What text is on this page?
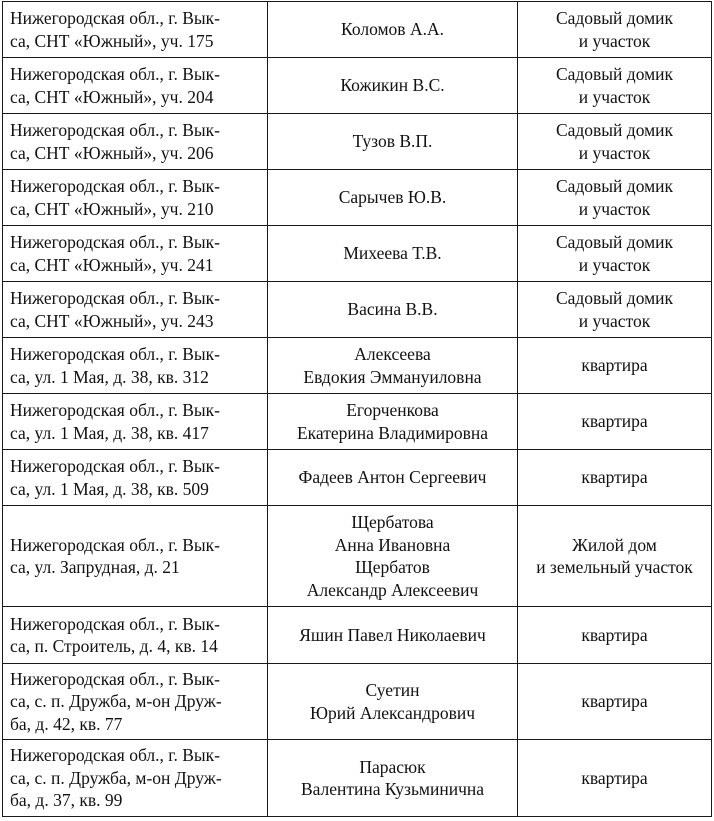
Нижегородская обл., г. Вык-
са, СНТ «Южный», уч. 175	Коломов А.А.	Садовый домик
и участок

Нижегородская обл., г. Вык-
са, СНТ «Южный», уч. 204	Кожикин В.С.	Садовый домик
и участок

Нижегородская обл., г. Вык-
са, СНТ «Южный», уч. 206	Тузов В.П.	Садовый домик
и участок

Нижегородская обл., г. Вык-
са, СНТ «Южный», уч. 210	Сарычев Ю.В.	Садовый домик
и участок

Нижегородская обл., г. Вык-
са, СНТ «Южный», уч. 241	Михеева Т.В.	Садовый домик
и участок

Нижегородская обл., г. Вык-
са, СНТ «Южный», уч. 243	Васина В.В.	Садовый домик
и участок

Нижегородская обл., г. Вык-
са, ул. 1 Мая, д. 38, кв. 312	Алексеева
Евдокия Эммануиловна	квартира

Нижегородская обл., г. Вык-
са, ул. 1 Мая, д. 38, кв. 417	Егорченкова
Екатерина Владимировна	квартира

Нижегородская обл., г. Вык-
са, ул. 1 Мая, д. 38, кв. 509	Фадеев Антон Сергеевич	квартира

Нижегородская обл., г. Вык-
са, ул. Запрудная, д. 21	Щербатова
Анна Ивановна
Щербатов
Александр Алексеевич	Жилой дом
и земельный участок

Нижегородская обл., г. Вык-
са, п. Строитель, д. 4, кв. 14	Яшин Павел Николаевич	квартира

Нижегородская обл., г. Вык-
са, с. п. Дружба, м-он Друж-
ба, д. 42, кв. 77	Суетин
Юрий Александрович	квартира

Нижегородская обл., г. Вык-
са, с. п. Дружба, м-он Друж-
ба, д. 37, кв. 99	Парасюк
Валентина Кузьминична	квартира
